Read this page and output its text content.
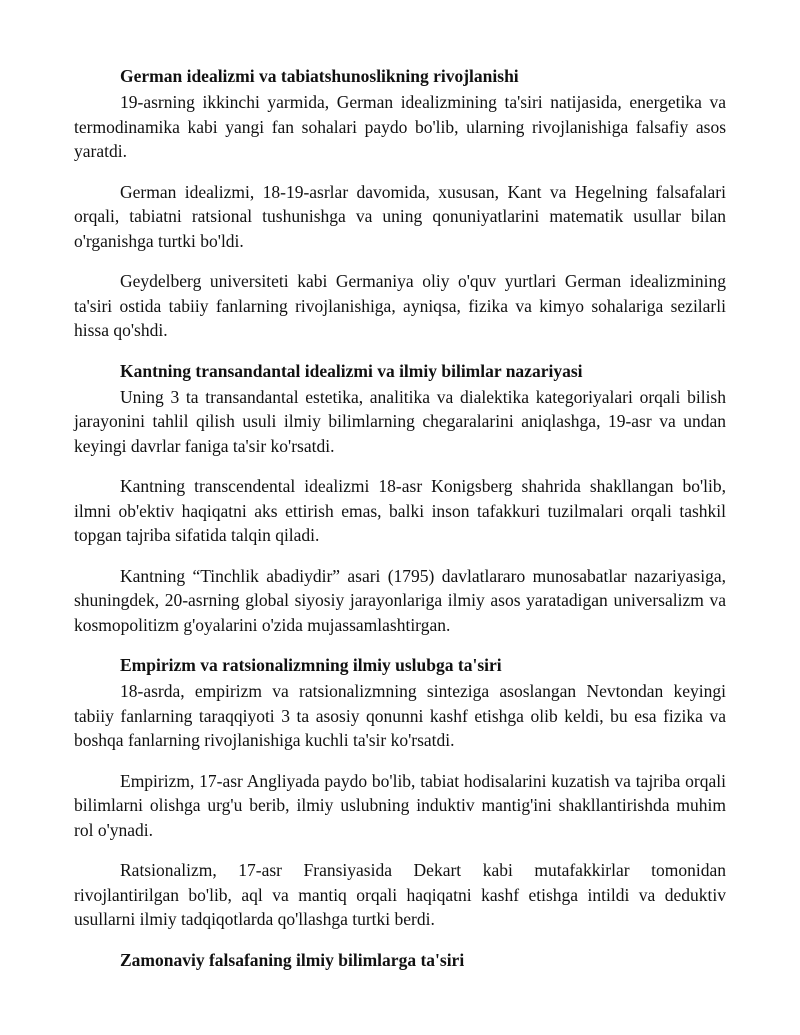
German idealizmi va tabiatshunoslikning rivojlanishi

19-asrning ikkinchi yarmida, German idealizmining ta'siri natijasida, energetika va termodinamika kabi yangi fan sohalari paydo bo'lib, ularning rivojlanishiga falsafiy asos yaratdi.

German idealizmi, 18-19-asrlar davomida, xususan, Kant va Hegelning falsafalari orqali, tabiatni ratsional tushunishga va uning qonuniyatlarini matematik usullar bilan o'rganishga turtki bo'ldi.

Geydelberg universiteti kabi Germaniya oliy o'quv yurtlari German idealizmining ta'siri ostida tabiiy fanlarning rivojlanishiga, ayniqsa, fizika va kimyo sohalariga sezilarli hissa qo'shdi.

Kantning transandantal idealizmi va ilmiy bilimlar nazariyasi

Uning 3 ta transandantal estetika, analitika va dialektika kategoriyalari orqali bilish jarayonini tahlil qilish usuli ilmiy bilimlarning chegaralarini aniqlashga, 19-asr va undan keyingi davrlar faniga ta'sir ko'rsatdi.

Kantning transcendental idealizmi 18-asr Konigsberg shahrida shakllangan bo'lib, ilmni ob'ektiv haqiqatni aks ettirish emas, balki inson tafakkuri tuzilmalari orqali tashkil topgan tajriba sifatida talqin qiladi.

Kantning “Tinchlik abadiydir” asari (1795) davlatlararo munosabatlar nazariyasiga, shuningdek, 20-asrning global siyosiy jarayonlariga ilmiy asos yaratadigan universalizm va kosmopolitizm g'oyalarini o'zida mujassamlashtirgan.

Empirizm va ratsionalizmning ilmiy uslubga ta'siri

18-asrda, empirizm va ratsionalizmning sinteziga asoslangan Nevtondan keyingi tabiiy fanlarning taraqqiyoti 3 ta asosiy qonunni kashf etishga olib keldi, bu esa fizika va boshqa fanlarning rivojlanishiga kuchli ta'sir ko'rsatdi.

Empirizm, 17-asr Angliyada paydo bo'lib, tabiat hodisalarini kuzatish va tajriba orqali bilimlarni olishga urg'u berib, ilmiy uslubning induktiv mantig'ini shakllantirishda muhim rol o'ynadi.

Ratsionalizm, 17-asr Fransiyasida Dekart kabi mutafakkirlar tomonidan rivojlantirilgan bo'lib, aql va mantiq orqali haqiqatni kashf etishga intildi va deduktiv usullarni ilmiy tadqiqotlarda qo'llashga turtki berdi.

Zamonaviy falsafaning ilmiy bilimlarga ta'siri
